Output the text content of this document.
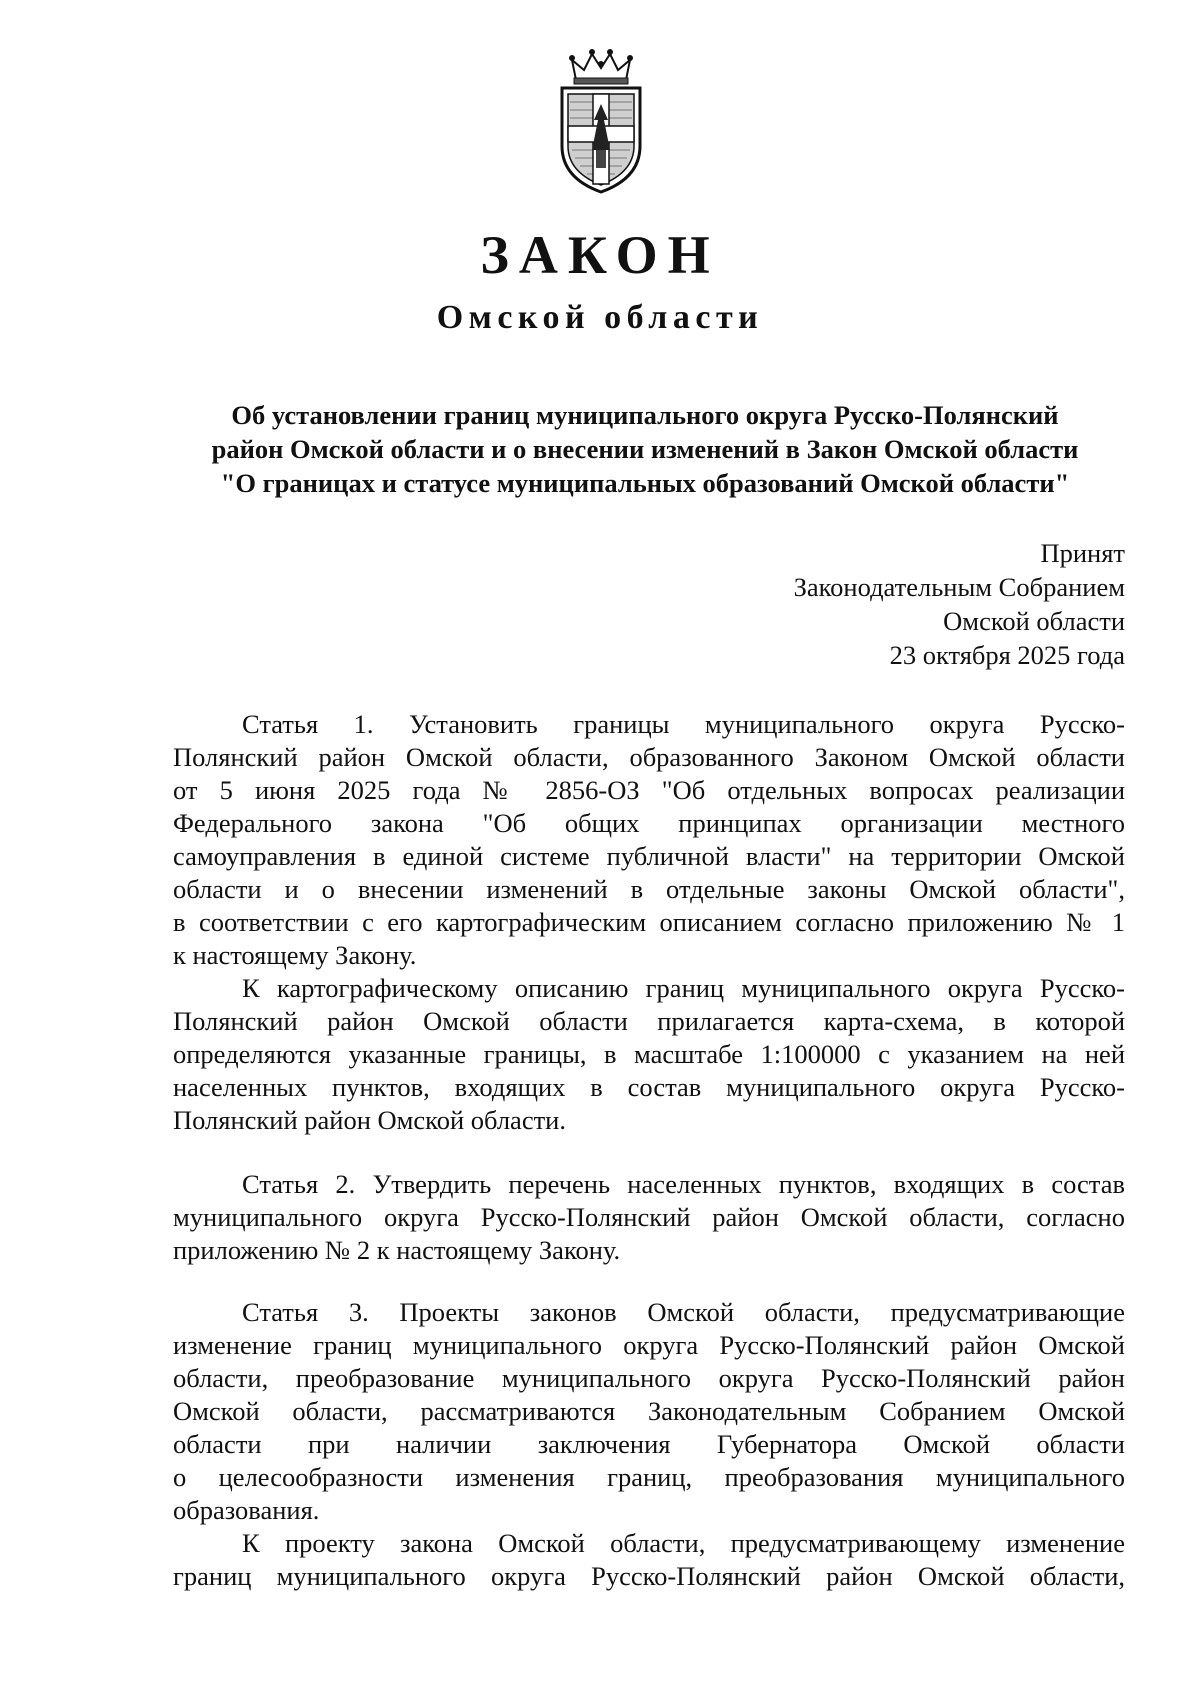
ЗАКОН
Омской области
Об установлении границ муниципального округа Русско-Полянский
район Омской области и о внесении изменений в Закон Омской области
"О границах и статусе муниципальных образований Омской области"
Принят
Законодательным Собранием
Омской области
23 октября 2025 года
Статья 1. Установить границы муниципального округа Русско-
Полянский район Омской области, образованного Законом Омской области
от 5 июня 2025 года № 2856-ОЗ "Об отдельных вопросах реализации
Федерального закона "Об общих принципах организации местного
самоуправления в единой системе публичной власти" на территории Омской
области и о внесении изменений в отдельные законы Омской области",
в соответствии с его картографическим описанием согласно приложению № 1
к настоящему Закону.
К картографическому описанию границ муниципального округа Русско-
Полянский район Омской области прилагается карта-схема, в которой
определяются указанные границы, в масштабе 1:100000 с указанием на ней
населенных пунктов, входящих в состав муниципального округа Русско-
Полянский район Омской области.
Статья 2. Утвердить перечень населенных пунктов, входящих в состав
муниципального округа Русско-Полянский район Омской области, согласно
приложению № 2 к настоящему Закону.
Статья 3. Проекты законов Омской области, предусматривающие
изменение границ муниципального округа Русско-Полянский район Омской
области, преобразование муниципального округа Русско-Полянский район
Омской области, рассматриваются Законодательным Собранием Омской
области при наличии заключения Губернатора Омской области
о целесообразности изменения границ, преобразования муниципального
образования.
К проекту закона Омской области, предусматривающему изменение
границ муниципального округа Русско-Полянский район Омской области,
